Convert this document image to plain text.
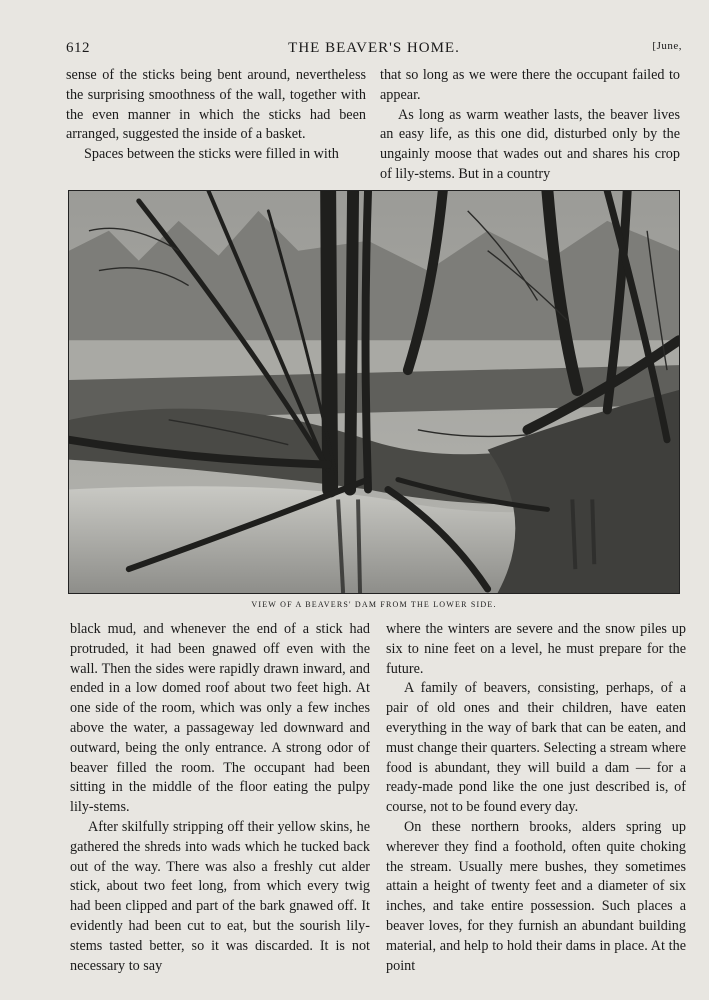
612	THE BEAVER'S HOME.	[June,

sense of the sticks being bent around, nevertheless the surprising smoothness of the wall, together with the even manner in which the sticks had been arranged, suggested the inside of a basket.

Spaces between the sticks were filled in with

that so long as we were there the occupant failed to appear.

As long as warm weather lasts, the beaver lives an easy life, as this one did, disturbed only by the ungainly moose that wades out and shares his crop of lily-stems. But in a country

VIEW OF A BEAVERS' DAM FROM THE LOWER SIDE.

black mud, and whenever the end of a stick had protruded, it had been gnawed off even with the wall. Then the sides were rapidly drawn inward, and ended in a low domed roof about two feet high. At one side of the room, which was only a few inches above the water, a passageway led downward and outward, being the only entrance. A strong odor of beaver filled the room. The occupant had been sitting in the middle of the floor eating the pulpy lily-stems.

After skilfully stripping off their yellow skins, he gathered the shreds into wads which he tucked back out of the way. There was also a freshly cut alder stick, about two feet long, from which every twig had been clipped and part of the bark gnawed off. It evidently had been cut to eat, but the sourish lily-stems tasted better, so it was discarded. It is not necessary to say

where the winters are severe and the snow piles up six to nine feet on a level, he must prepare for the future.

A family of beavers, consisting, perhaps, of a pair of old ones and their children, have eaten everything in the way of bark that can be eaten, and must change their quarters. Selecting a stream where food is abundant, they will build a dam — for a ready-made pond like the one just described is, of course, not to be found every day.

On these northern brooks, alders spring up wherever they find a foothold, often quite choking the stream. Usually mere bushes, they sometimes attain a height of twenty feet and a diameter of six inches, and take entire possession. Such places a beaver loves, for they furnish an abundant building material, and help to hold their dams in place. At the point
